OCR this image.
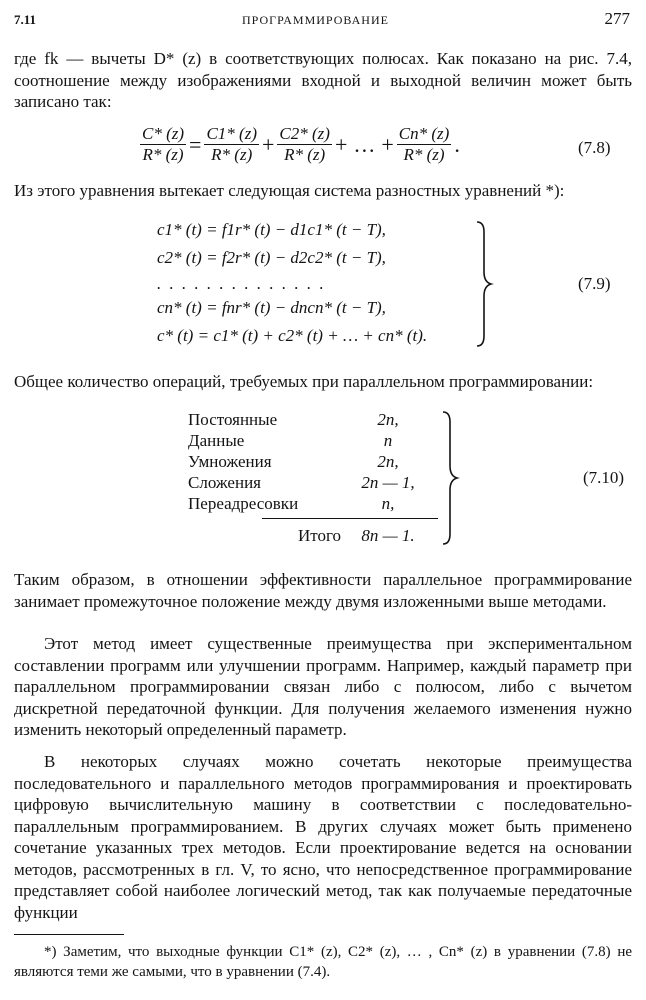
7.11	ПРОГРАММИРОВАНИЕ	277
где fk — вычеты D* (z) в соответствующих полюсах. Как показано на рис. 7.4, соотношение между изображениями входной и выходной величин может быть записано так:
$\frac{C* (z)}{R* (z)} = \frac{C1* (z)}{R* (z)} + \frac{C2* (z)}{R* (z)}$ + … + $\frac{Cn* (z)}{R* (z)}$ .	(7.8)
Из этого уравнения вытекает следующая система разностных уравнений *):
c1* (t) = f1r* (t) − d1c1* (t − T),
c2* (t) = f2r* (t) − d2c2* (t − T),
. . . . . . . . . . . . . .
cn* (t) = fnr* (t) − dncn* (t − T),
c* (t) = c1* (t) + c2* (t) + … + cn* (t).
(7.9)
Общее количество операций, требуемых при параллельном программировании:
Постоянные	2n,
Данные	n
Умножения	2n,
Сложения	2n — 1,
Переадресовки	n,
Итого	8n — 1.
(7.10)
Таким образом, в отношении эффективности параллельное программирование занимает промежуточное положение между двумя изложенными выше методами.
Этот метод имеет существенные преимущества при экспериментальном составлении программ или улучшении программ. Например, каждый параметр при параллельном программировании связан либо с полюсом, либо с вычетом дискретной передаточной функции. Для получения желаемого изменения нужно изменить некоторый определенный параметр.
В некоторых случаях можно сочетать некоторые преимущества последовательного и параллельного методов программирования и проектировать цифровую вычислительную машину в соответствии с последовательно-параллельным программированием. В других случаях может быть применено сочетание указанных трех методов. Если проектирование ведется на основании методов, рассмотренных в гл. V, то ясно, что непосредственное программирование представляет собой наиболее логический метод, так как получаемые передаточные функции
*) Заметим, что выходные функции C1* (z), C2* (z), … , Cn* (z) в уравнении (7.8) не являются теми же самыми, что в уравнении (7.4).
